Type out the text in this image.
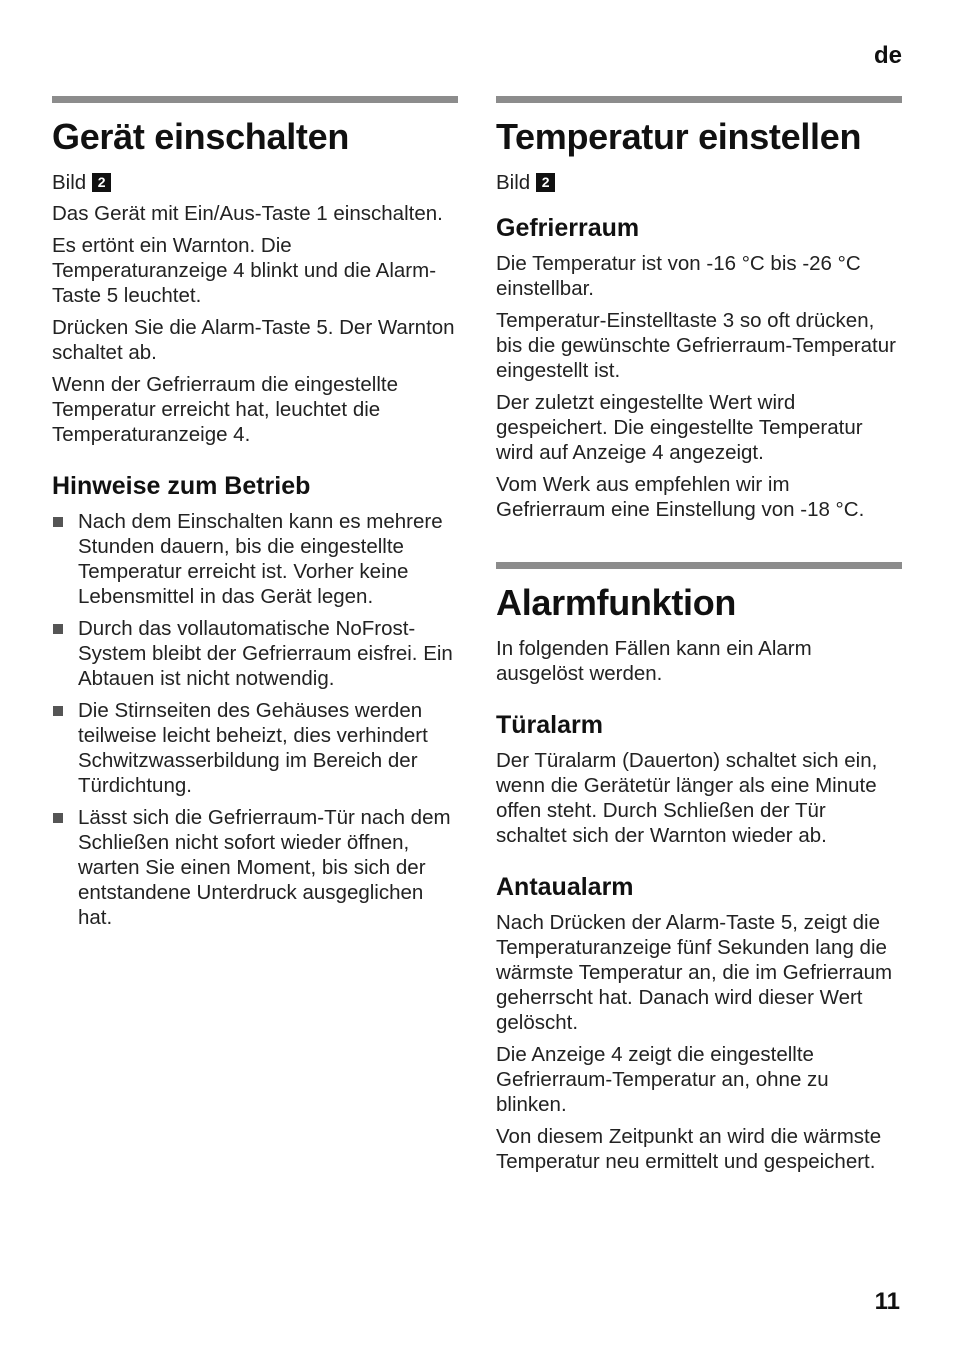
de
Gerät einschalten
Bild 2

Das Gerät mit Ein/Aus-Taste 1 einschalten.

Es ertönt ein Warnton. Die Temperaturanzeige 4 blinkt und die Alarm-Taste 5 leuchtet.

Drücken Sie die Alarm-Taste 5. Der Warnton schaltet ab.

Wenn der Gefrierraum die eingestellte Temperatur erreicht hat, leuchtet die Temperaturanzeige 4.

Hinweise zum Betrieb
Nach dem Einschalten kann es mehrere Stunden dauern, bis die eingestellte Temperatur erreicht ist. Vorher keine Lebensmittel in das Gerät legen.
Durch das vollautomatische NoFrost-System bleibt der Gefrierraum eisfrei. Ein Abtauen ist nicht notwendig.
Die Stirnseiten des Gehäuses werden teilweise leicht beheizt, dies verhindert Schwitzwasserbildung im Bereich der Türdichtung.
Lässt sich die Gefrierraum-Tür nach dem Schließen nicht sofort wieder öffnen, warten Sie einen Moment, bis sich der entstandene Unterdruck ausgeglichen hat.
Temperatur einstellen
Bild 2
Gefrierraum

Die Temperatur ist von -16 °C bis -26 °C einstellbar.

Temperatur-Einstelltaste 3 so oft drücken, bis die gewünschte Gefrierraum-Temperatur eingestellt ist.

Der zuletzt eingestellte Wert wird gespeichert. Die eingestellte Temperatur wird auf Anzeige 4 angezeigt.

Vom Werk aus empfehlen wir im Gefrierraum eine Einstellung von -18 °C.

Alarmfunktion

In folgenden Fällen kann ein Alarm ausgelöst werden.

Türalarm

Der Türalarm (Dauerton) schaltet sich ein, wenn die Gerätetür länger als eine Minute offen steht. Durch Schließen der Tür schaltet sich der Warnton wieder ab.

Antaualarm

Nach Drücken der Alarm-Taste 5, zeigt die Temperaturanzeige fünf Sekunden lang die wärmste Temperatur an, die im Gefrierraum geherrscht hat. Danach wird dieser Wert gelöscht.

Die Anzeige 4 zeigt die eingestellte Gefrierraum-Temperatur an, ohne zu blinken.

Von diesem Zeitpunkt an wird die wärmste Temperatur neu ermittelt und gespeichert.

11
